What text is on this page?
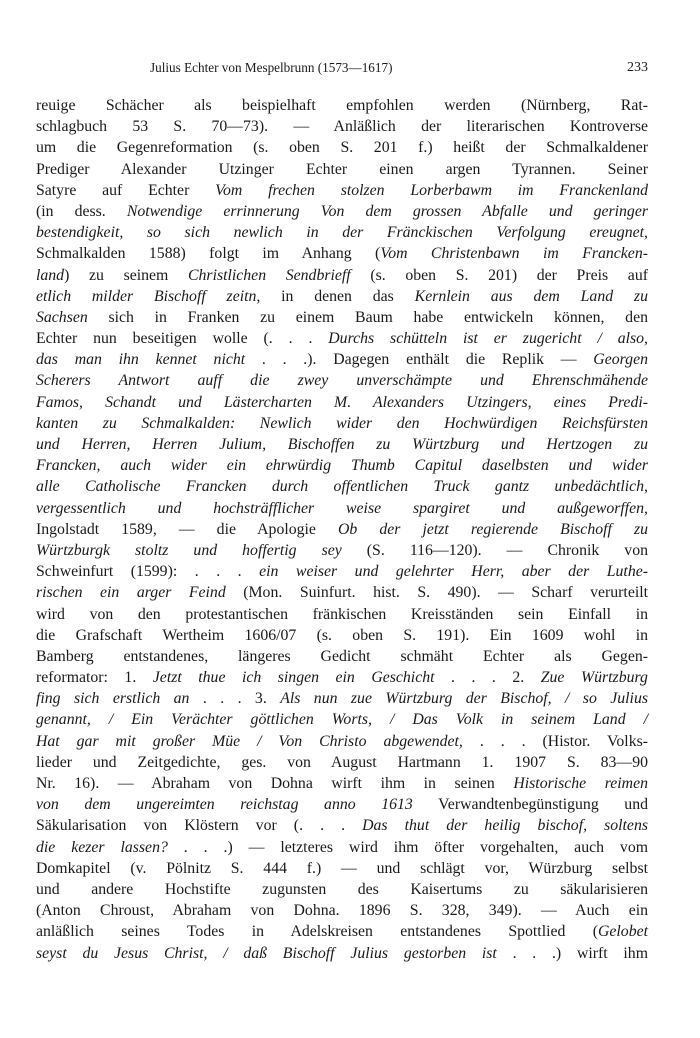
Julius Echter von Mespelbrunn (1573—1617)	233
reuige Schächer als beispielhaft empfohlen werden (Nürnberg, Rat-
schlagbuch 53 S. 70—73). — Anläßlich der literarischen Kontroverse
um die Gegenreformation (s. oben S. 201 f.) heißt der Schmalkaldener
Prediger Alexander Utzinger Echter einen argen Tyrannen. Seiner
Satyre auf Echter Vom frechen stolzen Lorberbawm im Franckenland
(in dess. Notwendige errinnerung Von dem grossen Abfalle und geringer
bestendigkeit, so sich newlich in der Fränckischen Verfolgung ereugnet,
Schmalkalden 1588) folgt im Anhang (Vom Christenbawn im Francken-
land) zu seinem Christlichen Sendbrieff (s. oben S. 201) der Preis auf
etlich milder Bischoff zeitn, in denen das Kernlein aus dem Land zu
Sachsen sich in Franken zu einem Baum habe entwickeln können, den
Echter nun beseitigen wolle (. . . Durchs schütteln ist er zugericht / also,
das man ihn kennet nicht . . .). Dagegen enthält die Replik — Georgen
Scherers Antwort auff die zwey unverschämpte und Ehrenschmähende
Famos, Schandt und Lästercharten M. Alexanders Utzingers, eines Predi-
kanten zu Schmalkalden: Newlich wider den Hochwürdigen Reichsfürsten
und Herren, Herren Julium, Bischoffen zu Würtzburg und Hertzogen zu
Francken, auch wider ein ehrwürdig Thumb Capitul daselbsten und wider
alle Catholische Francken durch offentlichen Truck gantz unbedächtlich,
vergessentlich und hochsträfflicher weise spargiret und außgeworffen,
Ingolstadt 1589, — die Apologie Ob der jetzt regierende Bischoff zu
Würtzburgk stoltz und hoffertig sey (S. 116—120). — Chronik von
Schweinfurt (1599): . . . ein weiser und gelehrter Herr, aber der Luthe-
rischen ein arger Feind (Mon. Suinfurt. hist. S. 490). — Scharf verurteilt
wird von den protestantischen fränkischen Kreisständen sein Einfall in
die Grafschaft Wertheim 1606/07 (s. oben S. 191). Ein 1609 wohl in
Bamberg entstandenes, längeres Gedicht schmäht Echter als Gegen-
reformator: 1. Jetzt thue ich singen ein Geschicht . . . 2. Zue Würtzburg
fing sich erstlich an . . . 3. Als nun zue Würtzburg der Bischof, / so Julius
genannt, / Ein Verächter göttlichen Worts, / Das Volk in seinem Land /
Hat gar mit großer Müe / Von Christo abgewendet, . . . (Histor. Volks-
lieder und Zeitgedichte, ges. von August Hartmann 1. 1907 S. 83—90
Nr. 16). — Abraham von Dohna wirft ihm in seinen Historische reimen
von dem ungereimten reichstag anno 1613 Verwandtenbegünstigung und
Säkularisation von Klöstern vor (. . . Das thut der heilig bischof, soltens
die kezer lassen? . . .) — letzteres wird ihm öfter vorgehalten, auch vom
Domkapitel (v. Pölnitz S. 444 f.) — und schlägt vor, Würzburg selbst
und andere Hochstifte zugunsten des Kaisertums zu säkularisieren
(Anton Chroust, Abraham von Dohna. 1896 S. 328, 349). — Auch ein
anläßlich seines Todes in Adelskreisen entstandenes Spottlied (Gelobet
seyst du Jesus Christ, / daß Bischoff Julius gestorben ist . . .) wirft ihm
